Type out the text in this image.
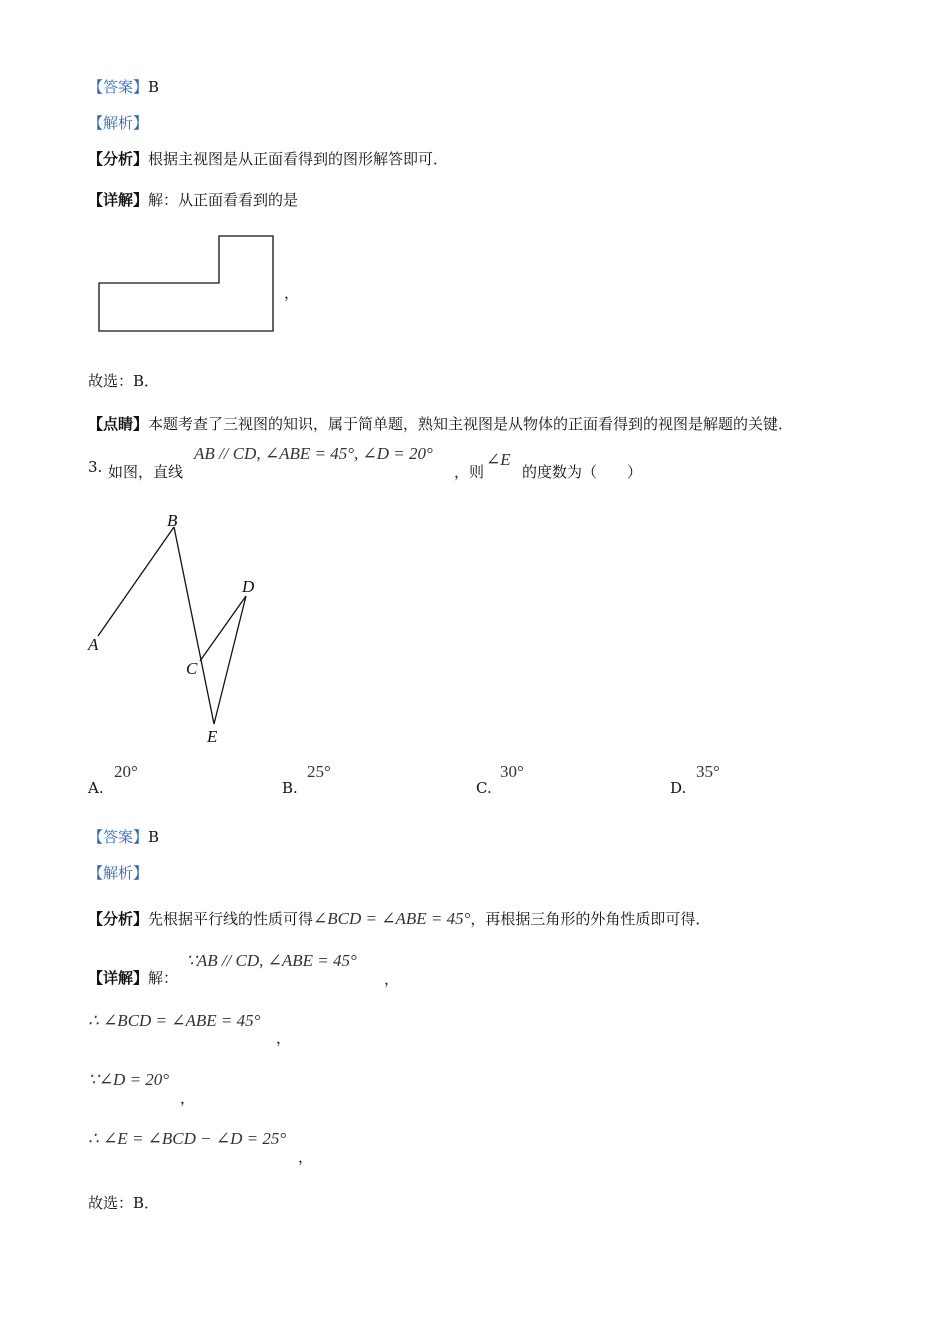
【答案】B
【解析】
【分析】根据主视图是从正面看得到的图形解答即可．
【详解】解：从正面看看到的是
，
故选：B．
【点睛】本题考查了三视图的知识，属于简单题，熟知主视图是从物体的正面看得到的视图是解题的关键．
3. 如图，直线
AB // CD, ∠ABE = 45°, ∠D = 20°
，则
∠E
的度数为（　　）
B
D
A
C
E
A.
20°
B.
25°
C.
30°
D.
35°
【答案】B
【解析】
【分析】先根据平行线的性质可得∠BCD = ∠ABE = 45°，再根据三角形的外角性质即可得．
【详解】解：
∵AB // CD, ∠ABE = 45°
，
∴ ∠BCD = ∠ABE = 45°
，
∵∠D = 20°
，
∴ ∠E = ∠BCD − ∠D = 25°
，
故选：B．
